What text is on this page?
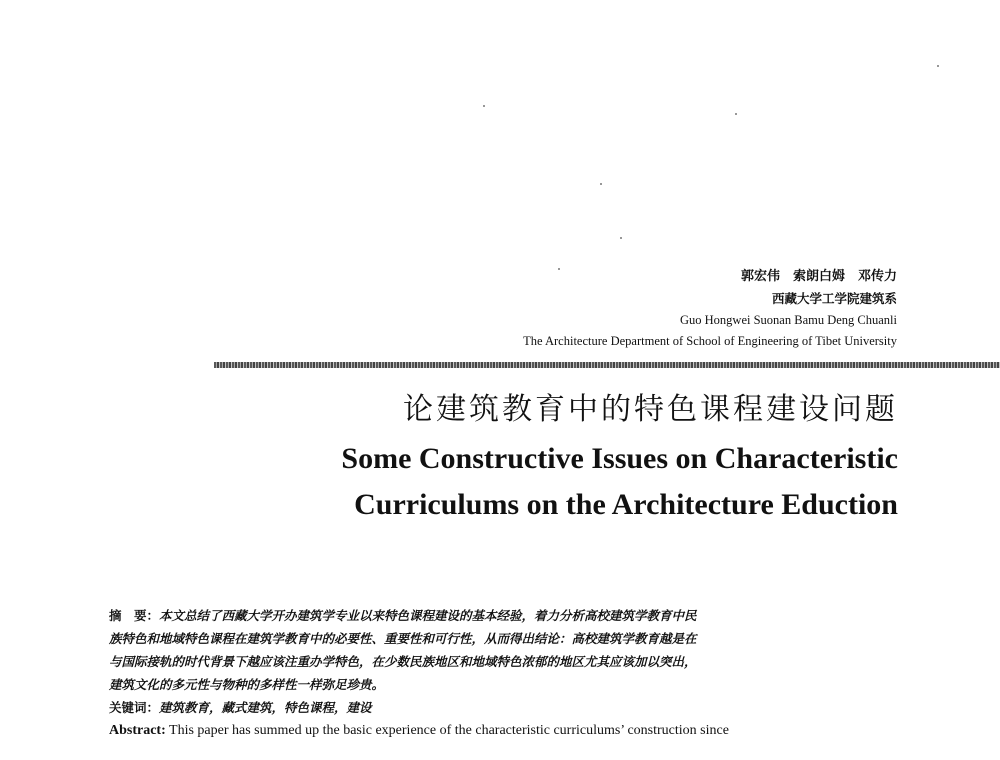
郭宏伟　索朗白姆　邓传力
西藏大学工学院建筑系
Guo Hongwei Suonan Bamu Deng Chuanli
The Architecture Department of School of Engineering of Tibet University
论建筑教育中的特色课程建设问题
Some Constructive Issues on Characteristic
Curriculums on the Architecture Eduction
摘　要：本文总结了西藏大学开办建筑学专业以来特色课程建设的基本经验，着力分析高校建筑学教育中民
族特色和地域特色课程在建筑学教育中的必要性、重要性和可行性，从而得出结论：高校建筑学教育越是在
与国际接轨的时代背景下越应该注重办学特色，在少数民族地区和地域特色浓郁的地区尤其应该加以突出，
建筑文化的多元性与物种的多样性一样弥足珍贵。
关键词：建筑教育，藏式建筑，特色课程，建设
Abstract: This paper has summed up the basic experience of the characteristic curriculums’ construction since
